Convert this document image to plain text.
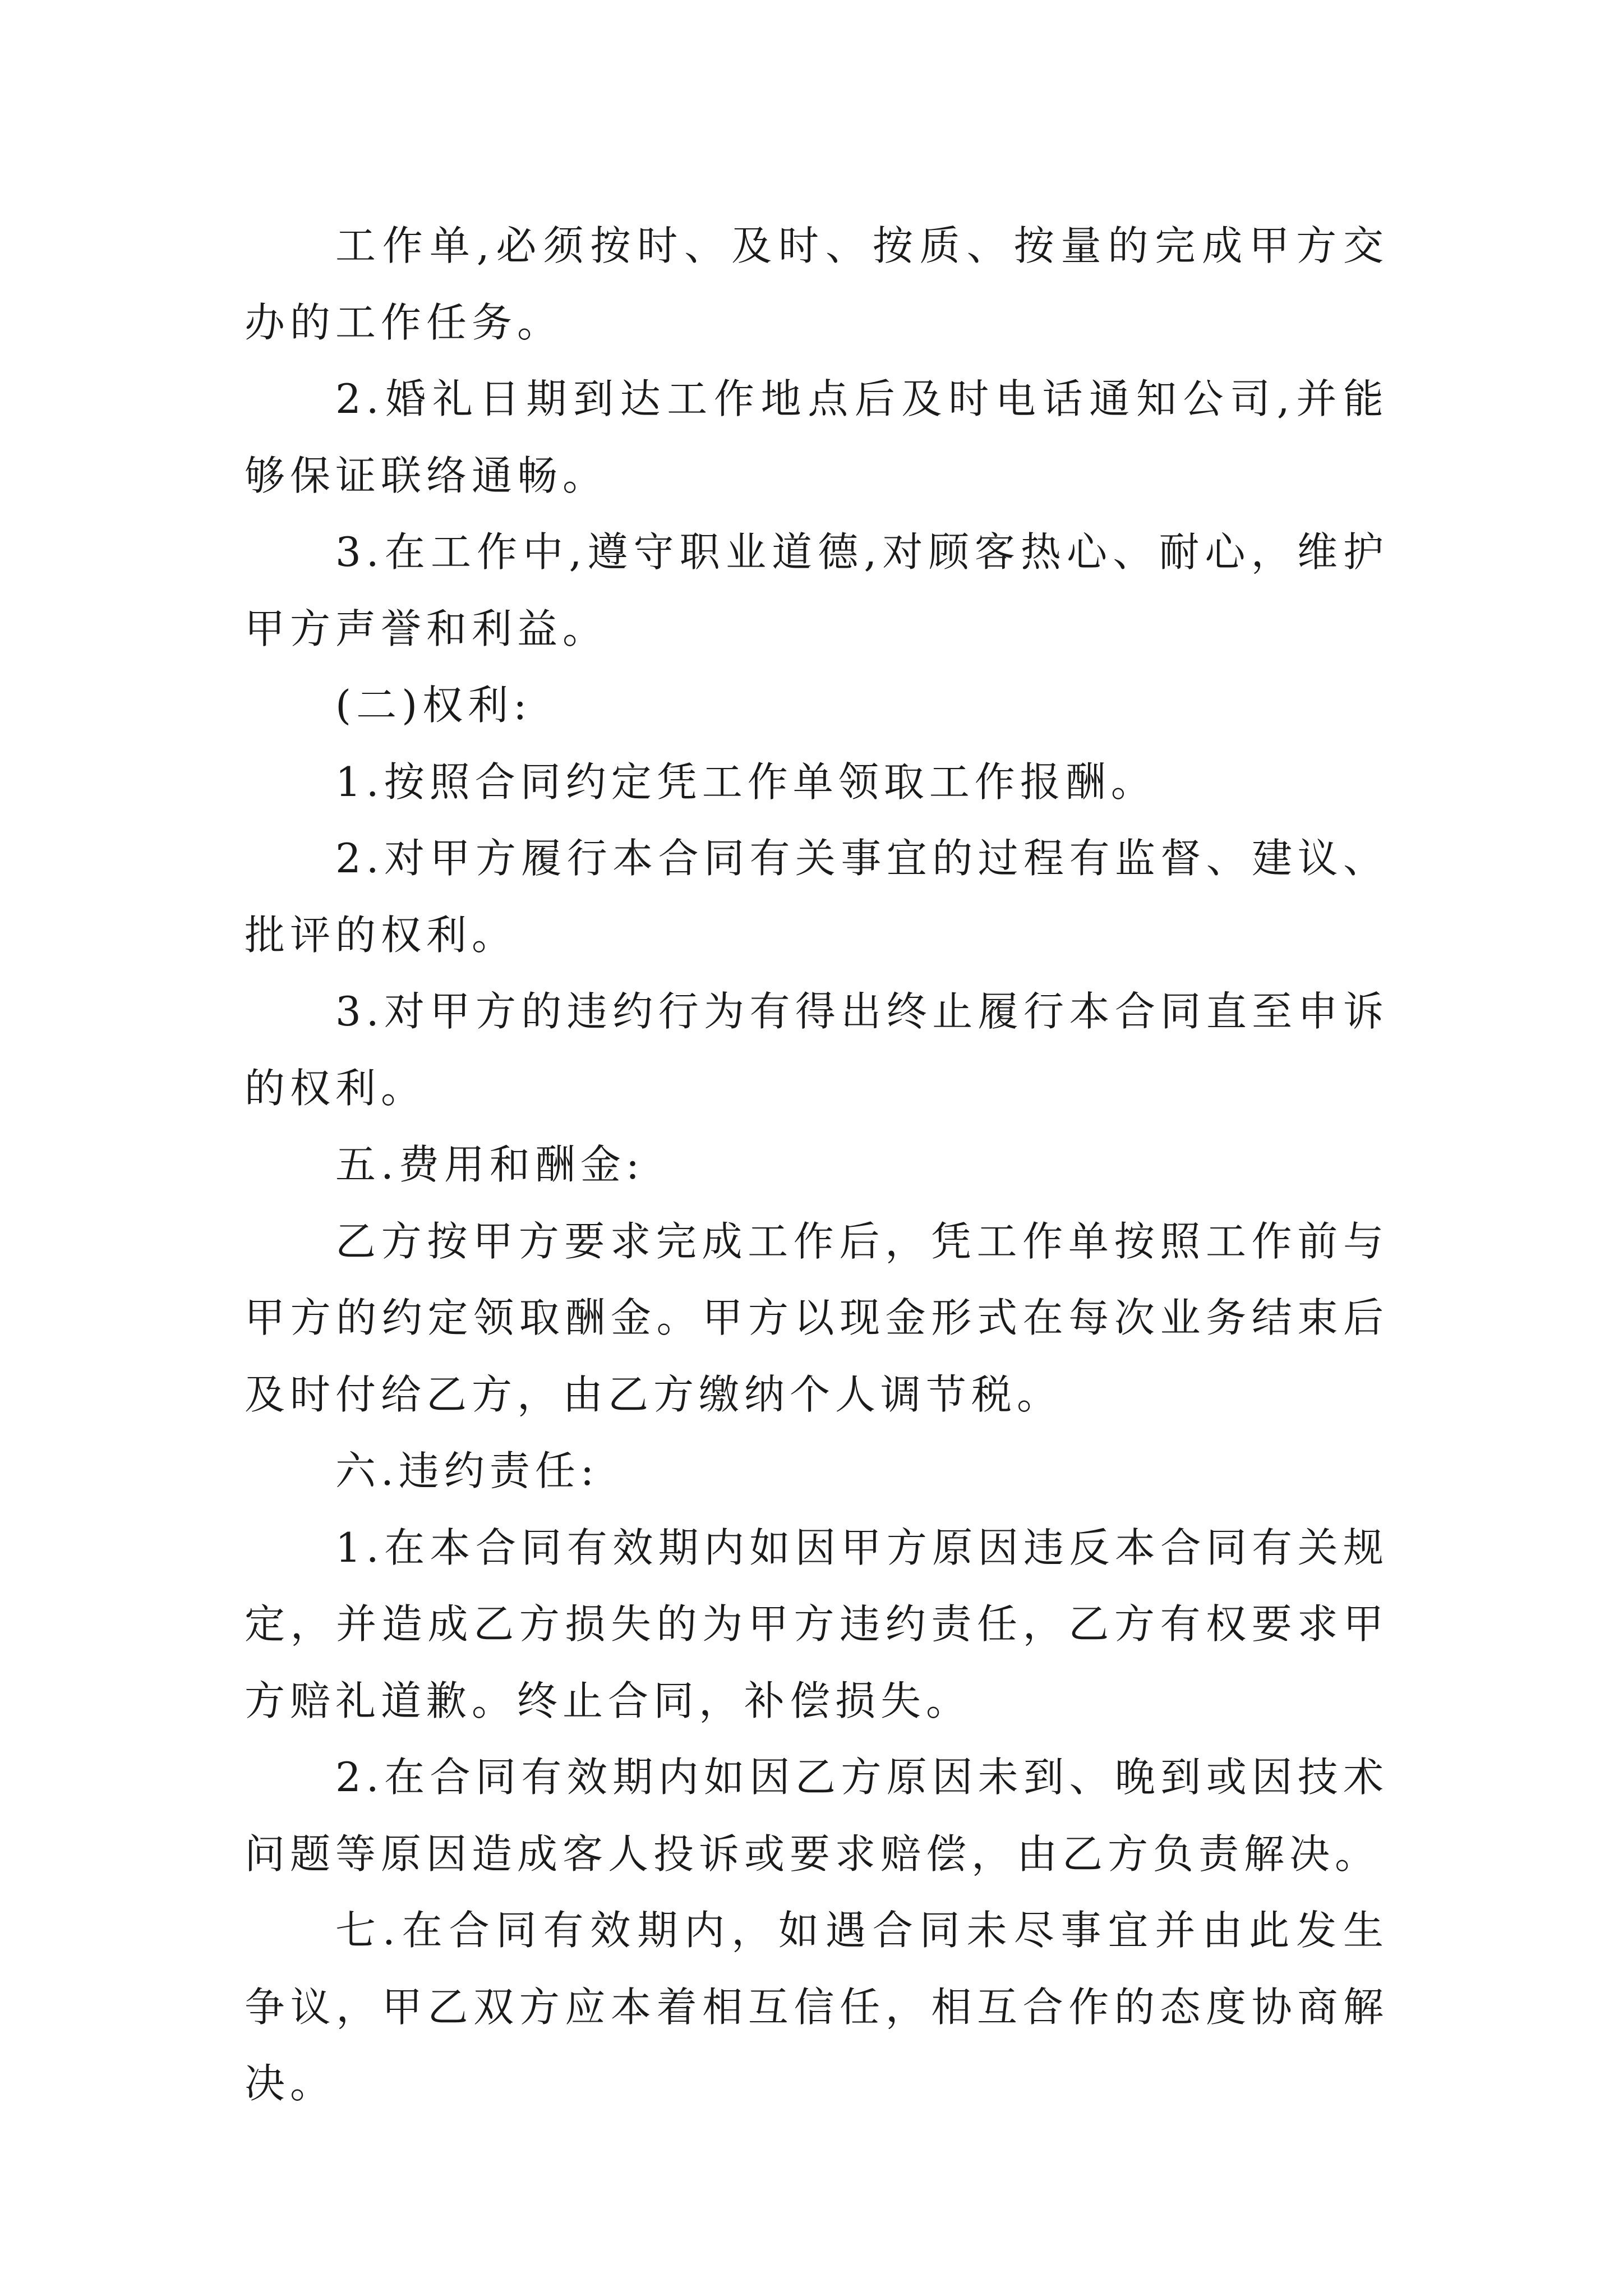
工作单,必须按时、及时、按质、按量的完成甲方交办的工作任务。

2.婚礼日期到达工作地点后及时电话通知公司,并能够保证联络通畅。

3.在工作中,遵守职业道德,对顾客热心、耐心，维护甲方声誉和利益。

(二)权利:

1.按照合同约定凭工作单领取工作报酬。

2.对甲方履行本合同有关事宜的过程有监督、建议、批评的权利。

3.对甲方的违约行为有得出终止履行本合同直至申诉的权利。

五.费用和酬金:

乙方按甲方要求完成工作后，凭工作单按照工作前与甲方的约定领取酬金。甲方以现金形式在每次业务结束后及时付给乙方，由乙方缴纳个人调节税。

六.违约责任:

1.在本合同有效期内如因甲方原因违反本合同有关规定，并造成乙方损失的为甲方违约责任，乙方有权要求甲方赔礼道歉。终止合同，补偿损失。

2.在合同有效期内如因乙方原因未到、晚到或因技术问题等原因造成客人投诉或要求赔偿，由乙方负责解决。

七.在合同有效期内，如遇合同未尽事宜并由此发生争议，甲乙双方应本着相互信任，相互合作的态度协商解决。
